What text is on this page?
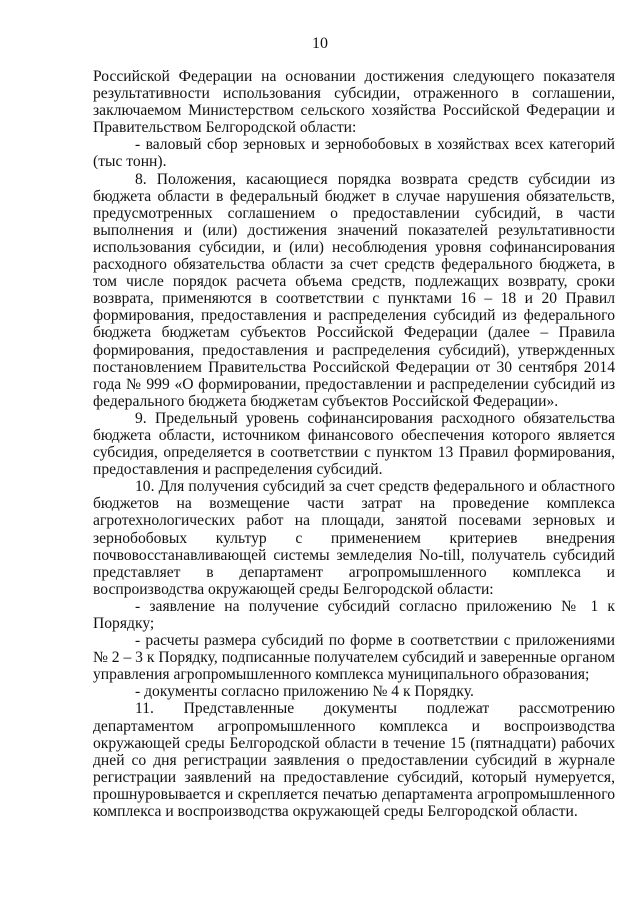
10

Российской Федерации на основании достижения следующего показателя результативности использования субсидии, отраженного в соглашении, заключаемом Министерством сельского хозяйства Российской Федерации и Правительством Белгородской области:

- валовый сбор зерновых и зернобобовых в хозяйствах всех категорий (тыс тонн).

8. Положения, касающиеся порядка возврата средств субсидии из бюджета области в федеральный бюджет в случае нарушения обязательств, предусмотренных соглашением о предоставлении субсидий, в части выполнения и (или) достижения значений показателей результативности использования субсидии, и (или) несоблюдения уровня софинансирования расходного обязательства области за счет средств федерального бюджета, в том числе порядок расчета объема средств, подлежащих возврату, сроки возврата, применяются в соответствии с пунктами 16 – 18 и 20 Правил формирования, предоставления и распределения субсидий из федерального бюджета бюджетам субъектов Российской Федерации (далее – Правила формирования, предоставления и распределения субсидий), утвержденных постановлением Правительства Российской Федерации от 30 сентября 2014 года № 999 «О формировании, предоставлении и распределении субсидий из федерального бюджета бюджетам субъектов Российской Федерации».

9. Предельный уровень софинансирования расходного обязательства бюджета области, источником финансового обеспечения которого является субсидия, определяется в соответствии с пунктом 13 Правил формирования, предоставления и распределения субсидий.

10. Для получения субсидий за счет средств федерального и областного бюджетов на возмещение части затрат на проведение комплекса агротехнологических работ на площади, занятой посевами зерновых и зернобобовых культур с применением критериев внедрения почвовосстанавливающей системы земледелия No-till, получатель субсидий представляет в департамент агропромышленного комплекса и воспроизводства окружающей среды Белгородской области:

- заявление на получение субсидий согласно приложению № 1 к Порядку;

- расчеты размера субсидий по форме в соответствии с приложениями № 2 – 3 к Порядку, подписанные получателем субсидий и заверенные органом управления агропромышленного комплекса муниципального образования;

- документы согласно приложению № 4 к Порядку.

11. Представленные документы подлежат рассмотрению департаментом агропромышленного комплекса и воспроизводства окружающей среды Белгородской области в течение 15 (пятнадцати) рабочих дней со дня регистрации заявления о предоставлении субсидий в журнале регистрации заявлений на предоставление субсидий, который нумеруется, прошнуровывается и скрепляется печатью департамента агропромышленного комплекса и воспроизводства окружающей среды Белгородской области.
